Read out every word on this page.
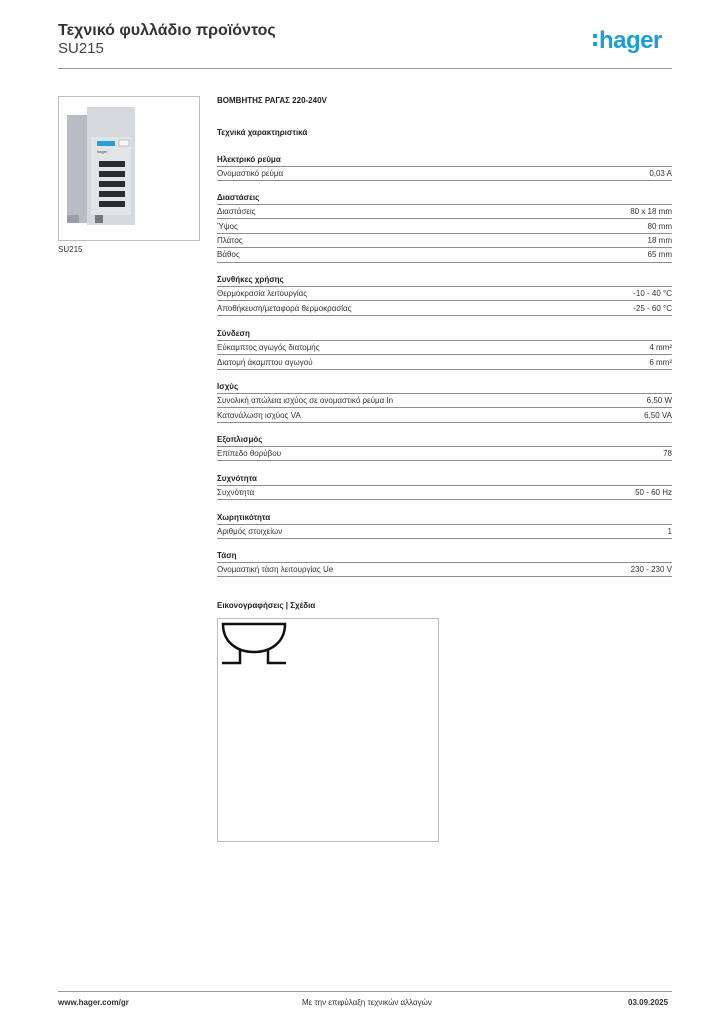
Τεχνικό φυλλάδιο προϊόντος
SU215	hager
hager
SU215
ΒΟΜΒΗΤΗΣ ΡΑΓΑΣ 220-240V
Τεχνικά χαρακτηριστικά
Ηλεκτρικό ρεύμα
Ονομαστικό ρεύμα	0,03 A
Διαστάσεις
Διαστάσεις	80 x 18 mm
Ύψος	80 mm
Πλάτος	18 mm
Βάθος	65 mm
Συνθήκες χρήσης
Θερμοκρασία λειτουργίας	-10 - 40 °C
Αποθήκευση/μεταφορά θερμοκρασίας	-25 - 60 °C
Σύνδεση
Εύκαμπτος αγωγός διατομής	4 mm²
Διατομή άκαμπτου αγωγού	6 mm²
Ισχύς
Συνολική απώλεια ισχύος σε ονομαστικό ρεύμα In	6,50 W
Κατανάλωση ισχύος VA	6,50 VA
Εξοπλισμός
Επίπεδο θορύβου	78
Συχνότητα
Συχνότητα	50 - 60 Hz
Χωρητικότητα
Αριθμός στοιχείων	1
Τάση
Ονομαστική τάση λειτουργίας Ue	230 - 230 V
Εικονογραφήσεις | Σχέδια
www.hager.com/gr	Με την επιφύλαξη τεχνικών αλλαγών	03.09.2025
